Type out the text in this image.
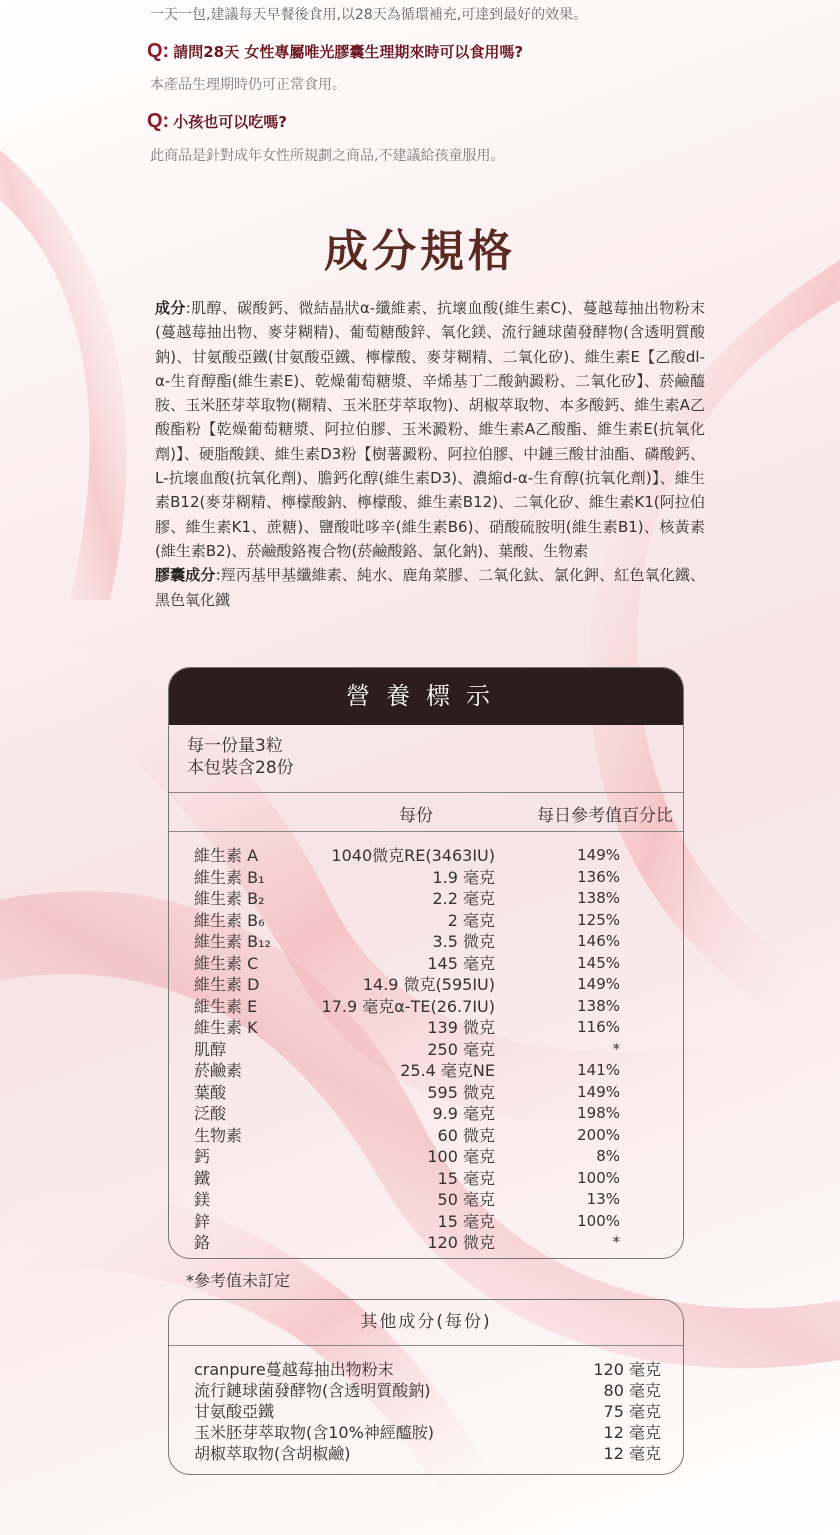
一天一包,建議每天早餐後食用,以28天為循環補充,可達到最好的效果。
Q: 請問28天 女性專屬唯光膠囊生理期來時可以食用嗎?
本產品生理期時仍可正常食用。
Q: 小孩也可以吃嗎?
此商品是針對成年女性所規劃之商品,不建議給孩童服用。
成分規格
成分:肌醇、碳酸鈣、微結晶狀α-纖維素、抗壞血酸(維生素C)、蔓越莓抽出物粉末(蔓越莓抽出物、麥芽糊精)、葡萄糖酸鋅、氧化鎂、流行鏈球菌發酵物(含透明質酸鈉)、甘氨酸亞鐵(甘氨酸亞鐵、檸檬酸、麥芽糊精、二氧化矽)、維生素E【乙酸dl-α-生育醇酯(維生素E)、乾燥葡萄糖漿、辛烯基丁二酸鈉澱粉、二氧化矽】、菸鹼醯胺、玉米胚芽萃取物(糊精、玉米胚芽萃取物)、胡椒萃取物、本多酸鈣、維生素A乙酸酯粉【乾燥葡萄糖漿、阿拉伯膠、玉米澱粉、維生素A乙酸酯、維生素E(抗氧化劑)】、硬脂酸鎂、維生素D3粉【樹薯澱粉、阿拉伯膠、中鏈三酸甘油酯、磷酸鈣、L-抗壞血酸(抗氧化劑)、膽鈣化醇(維生素D3)、濃縮d-α-生育醇(抗氧化劑)】、維生素B12(麥芽糊精、檸檬酸鈉、檸檬酸、維生素B12)、二氧化矽、維生素K1(阿拉伯膠、維生素K1、蔗糖)、鹽酸吡哆辛(維生素B6)、硝酸硫胺明(維生素B1)、核黃素(維生素B2)、菸鹼酸鉻複合物(菸鹼酸鉻、氯化鈉)、葉酸、生物素
膠囊成分:羥丙基甲基纖維素、純水、鹿角菜膠、二氧化鈦、氯化鉀、紅色氧化鐵、黑色氧化鐵
營養標示
每一份量3粒
本包裝含28份
每份	每日參考值百分比
維生素 A	1040微克RE(3463IU)	149%
維生素 B₁	1.9 毫克	136%
維生素 B₂	2.2 毫克	138%
維生素 B₆	2 毫克	125%
維生素 B₁₂	3.5 微克	146%
維生素 C	145 毫克	145%
維生素 D	14.9 微克(595IU)	149%
維生素 E	17.9 毫克α-TE(26.7IU)	138%
維生素 K	139 微克	116%
肌醇	250 毫克	*
菸鹼素	25.4 毫克NE	141%
葉酸	595 微克	149%
泛酸	9.9 毫克	198%
生物素	60 微克	200%
鈣	100 毫克	8%
鐵	15 毫克	100%
鎂	50 毫克	13%
鋅	15 毫克	100%
鉻	120 微克	*
*參考值未訂定
其他成分(每份)
cranpure蔓越莓抽出物粉末	120 毫克
流行鏈球菌發酵物(含透明質酸鈉)	80 毫克
甘氨酸亞鐵	75 毫克
玉米胚芽萃取物(含10%神經醯胺)	12 毫克
胡椒萃取物(含胡椒鹼)	12 毫克
